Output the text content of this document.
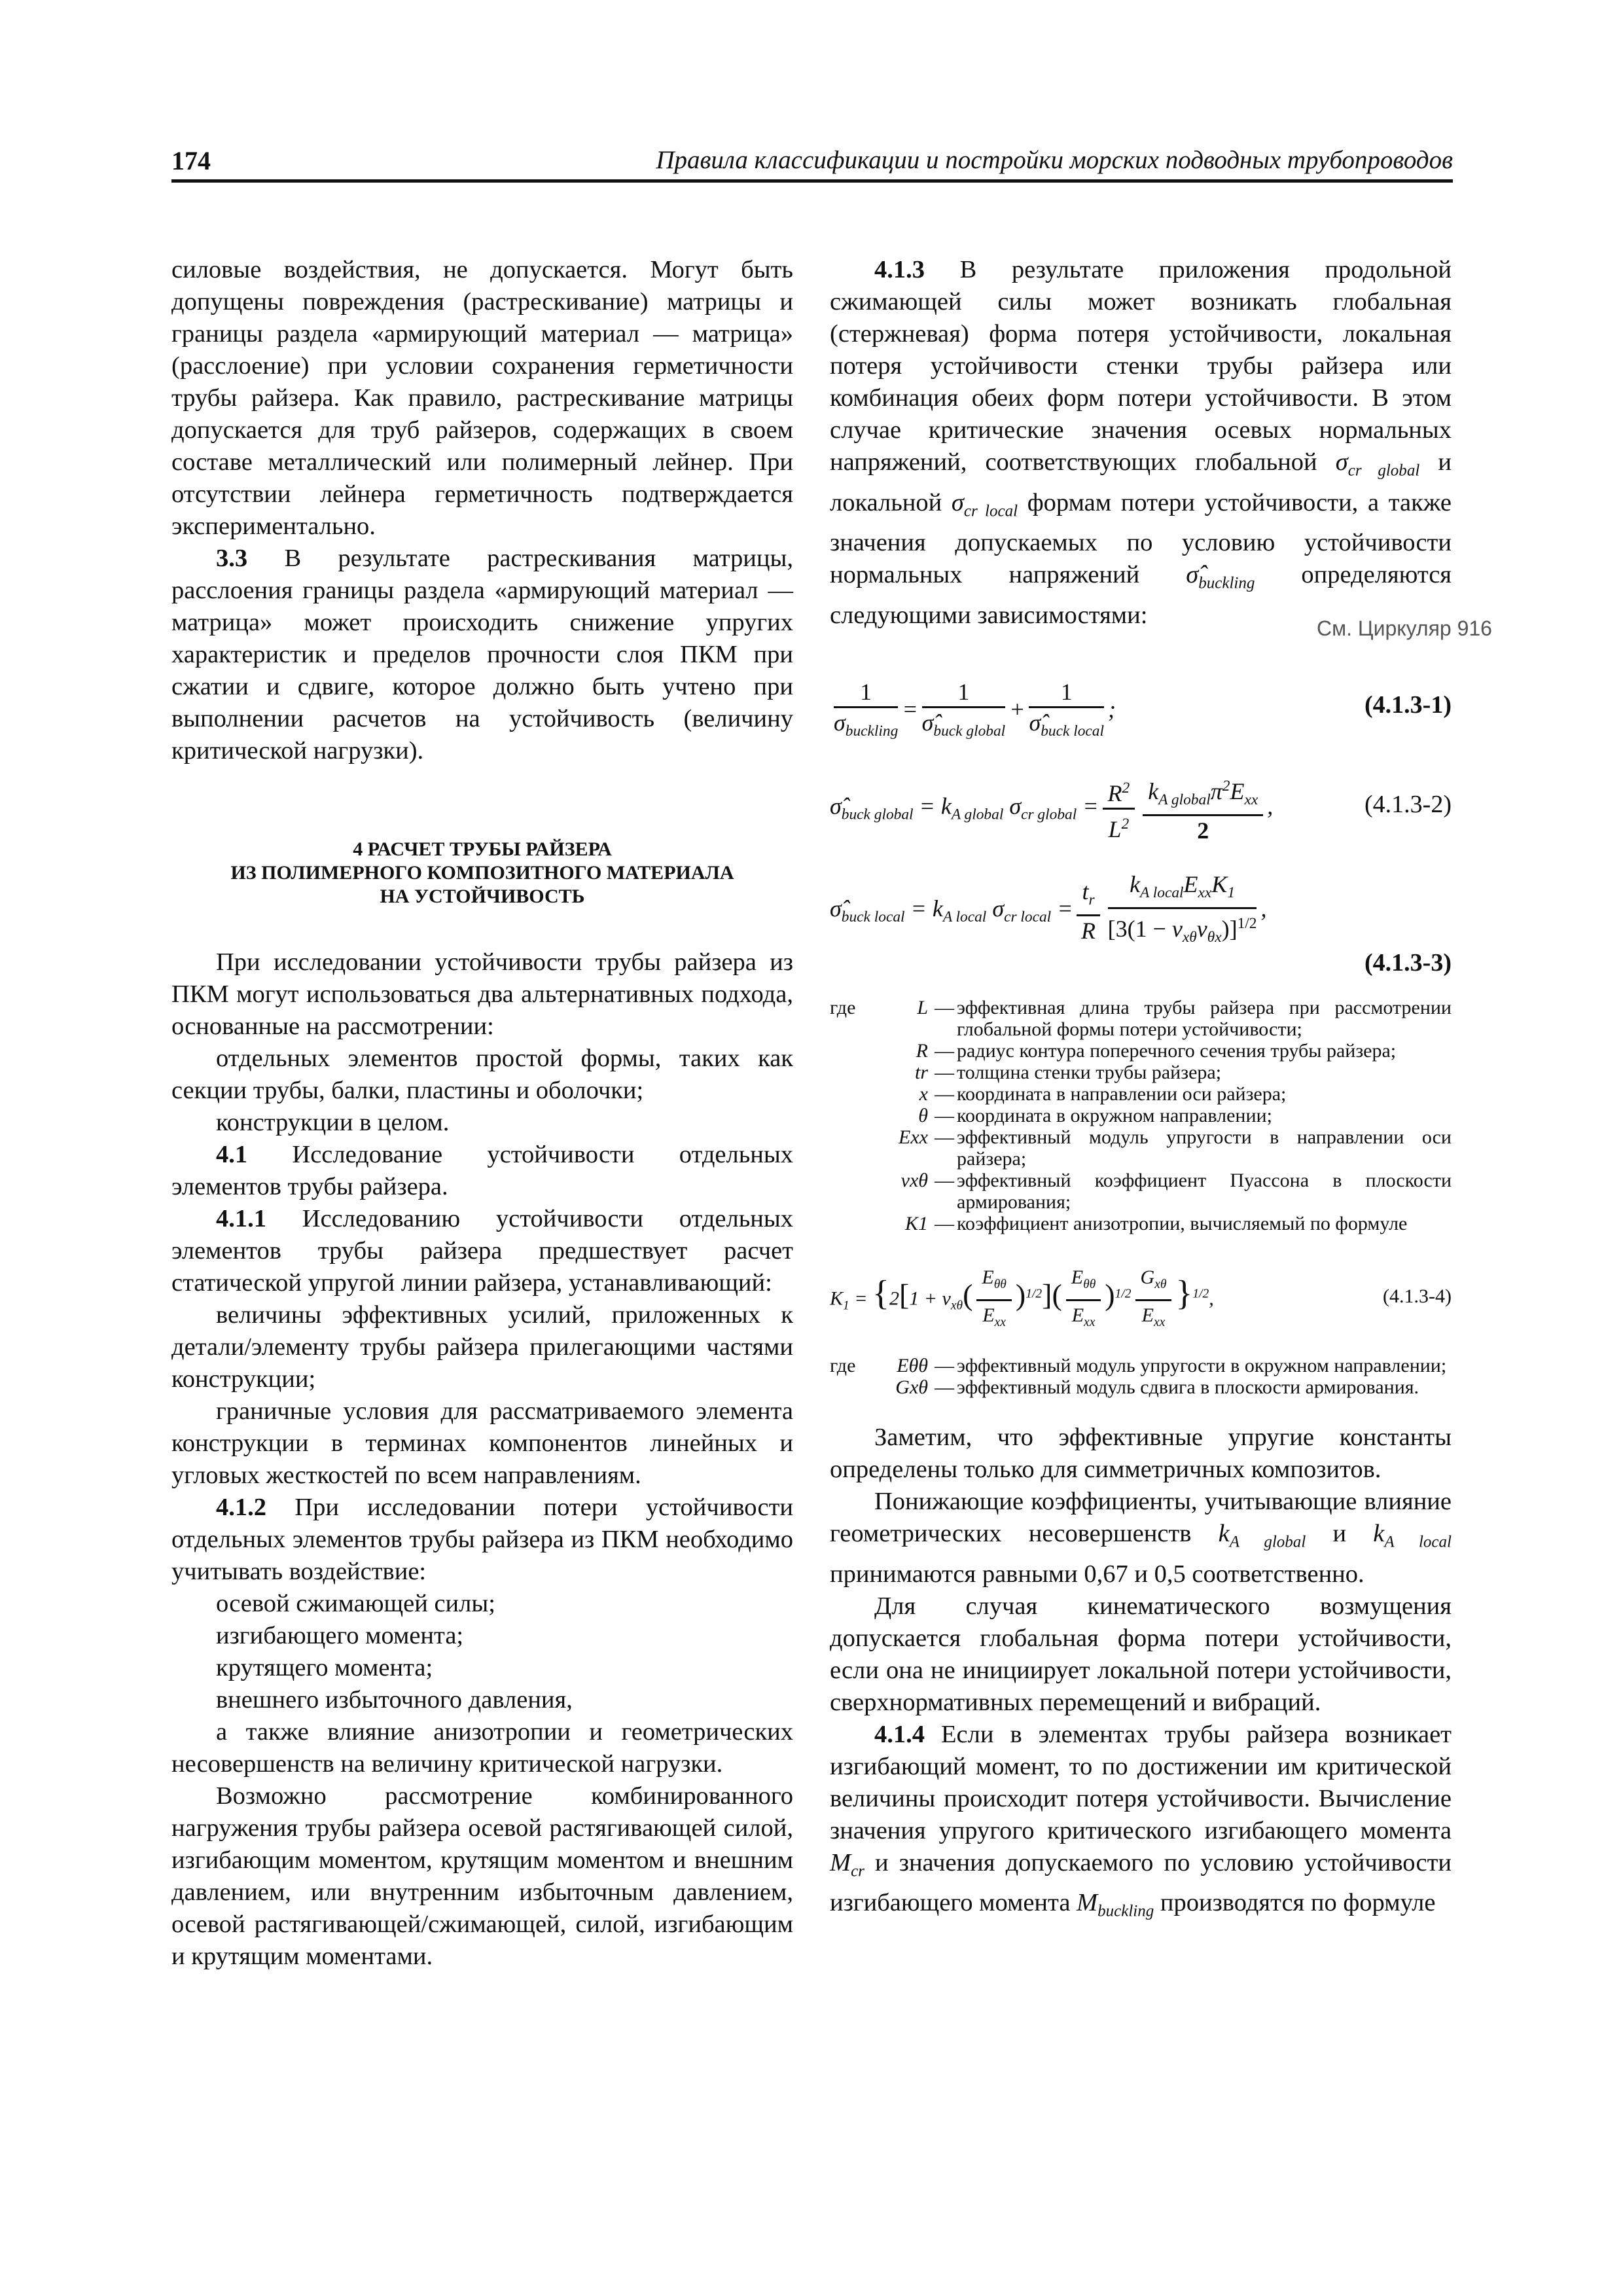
174	Правила классификации и постройки морских подводных трубопроводов

силовые воздействия, не допускается. Могут быть допущены повреждения (растрескивание) матрицы и границы раздела «армирующий материал — матрица» (расслоение) при условии сохранения герметичности трубы райзера. Как правило, растрескивание матрицы допускается для труб райзеров, содержащих в своем составе металлический или полимерный лейнер. При отсутствии лейнера герметичность подтверждается экспериментально.

3.3 В результате растрескивания матрицы, расслоения границы раздела «армирующий материал — матрица» может происходить снижение упругих характеристик и пределов прочности слоя ПКМ при сжатии и сдвиге, которое должно быть учтено при выполнении расчетов на устойчивость (величину критической нагрузки).

4 РАСЧЕТ ТРУБЫ РАЙЗЕРА

ИЗ ПОЛИМЕРНОГО КОМПОЗИТНОГО МАТЕРИАЛА

НА УСТОЙЧИВОСТЬ

При исследовании устойчивости трубы райзера из ПКМ могут использоваться два альтернативных подхода, основанные на рассмотрении:

отдельных элементов простой формы, таких как секции трубы, балки, пластины и оболочки;

конструкции в целом.

4.1 Исследование устойчивости отдельных элементов трубы райзера.

4.1.1 Исследованию устойчивости отдельных элементов трубы райзера предшествует расчет статической упругой линии райзера, устанавливающий:

величины эффективных усилий, приложенных к детали/элементу трубы райзера прилегающими частями конструкции;

граничные условия для рассматриваемого элемента конструкции в терминах компонентов линейных и угловых жесткостей по всем направлениям.

4.1.2 При исследовании потери устойчивости отдельных элементов трубы райзера из ПКМ необходимо учитывать воздействие:

осевой сжимающей силы;

изгибающего момента;

крутящего момента;

внешнего избыточного давления,

а также влияние анизотропии и геометрических несовершенств на величину критической нагрузки.

Возможно рассмотрение комбинированного нагружения трубы райзера осевой растягивающей силой, изгибающим моментом, крутящим моментом и внешним давлением, или внутренним избыточным давлением, осевой растягивающей/сжимающей, силой, изгибающим и крутящим моментами.

4.1.3 В результате приложения продольной сжимающей силы может возникать глобальная (стержневая) форма потеря устойчивости, локальная потеря устойчивости стенки трубы райзера или комбинация обеих форм потери устойчивости. В этом случае критические значения осевых нормальных напряжений, соответствующих глобальной $\sigma_{cr global}$ и локальной $\sigma_{cr local}$ формам потери устойчивости, а также значения допускаемых по условию устойчивости нормальных напряжений $\sigmâ_{buckling}$ определяются следующими зависимостями:

$\frac{1}{\sigma_{buckling}} = \frac{1}{\sigmâ_{buck global}} + \frac{1}{\sigmâ_{buck local}}$ ;	(4.1.3-1)
$\sigmâ_{buck global} = k_{A global}$ $\sigma_{cr global} = \frac{R^2}{L^2} \frac{k_{A global}\pi^2E_{xx}}{2}$ ,	(4.1.3-2)
$\sigmâ_{buck local} = k_{A local}$ $\sigma_{cr local} = \frac{t_r}{R} \frac{k_{A local}E_{xx}K_1}{[3(1 - \nu_{x\theta}\nu_{\theta x})]^{1/2}}$ ,
(4.1.3-3)
где	L — эффективная длина трубы райзера при рассмотрении глобальной формы потери устойчивости;
R — радиус контура поперечного сечения трубы райзера;
tr — толщина стенки трубы райзера;
x — координата в направлении оси райзера;
θ — координата в окружном направлении;
Exx — эффективный модуль упругости в направлении оси райзера;
νxθ — эффективный коэффициент Пуассона в плоскости армирования;
K1 — коэффициент анизотропии, вычисляемый по формуле
$K_1 = \{2[1 + \nu_{x\theta}( \frac{E_{\theta\theta}}{E_{xx}} )^{1/2}]( \frac{E_{\theta\theta}}{E_{xx}} )^{1/2} \frac{G_{x\theta}}{E_{xx}} \}^{1/2}$,	(4.1.3-4)
где	Eθθ — эффективный модуль упругости в окружном направлении;
Gxθ — эффективный модуль сдвига в плоскости армирования.

Заметим, что эффективные упругие константы определены только для симметричных композитов.

Понижающие коэффициенты, учитывающие влияние геометрических несовершенств $k_{A global}$ и $k_{A local}$ принимаются равными 0,67 и 0,5 соответственно.

Для случая кинематического возмущения допускается глобальная форма потери устойчивости, если она не инициирует локальной потери устойчивости, сверхнормативных перемещений и вибраций.

4.1.4 Если в элементах трубы райзера возникает изгибающий момент, то по достижении им критической величины происходит потеря устойчивости. Вычисление значения упругого критического изгибающего момента $M_{cr}$ и значения допускаемого по условию устойчивости изгибающего момента $M_{buckling}$ производятся по формуле

См. Циркуляр 916
